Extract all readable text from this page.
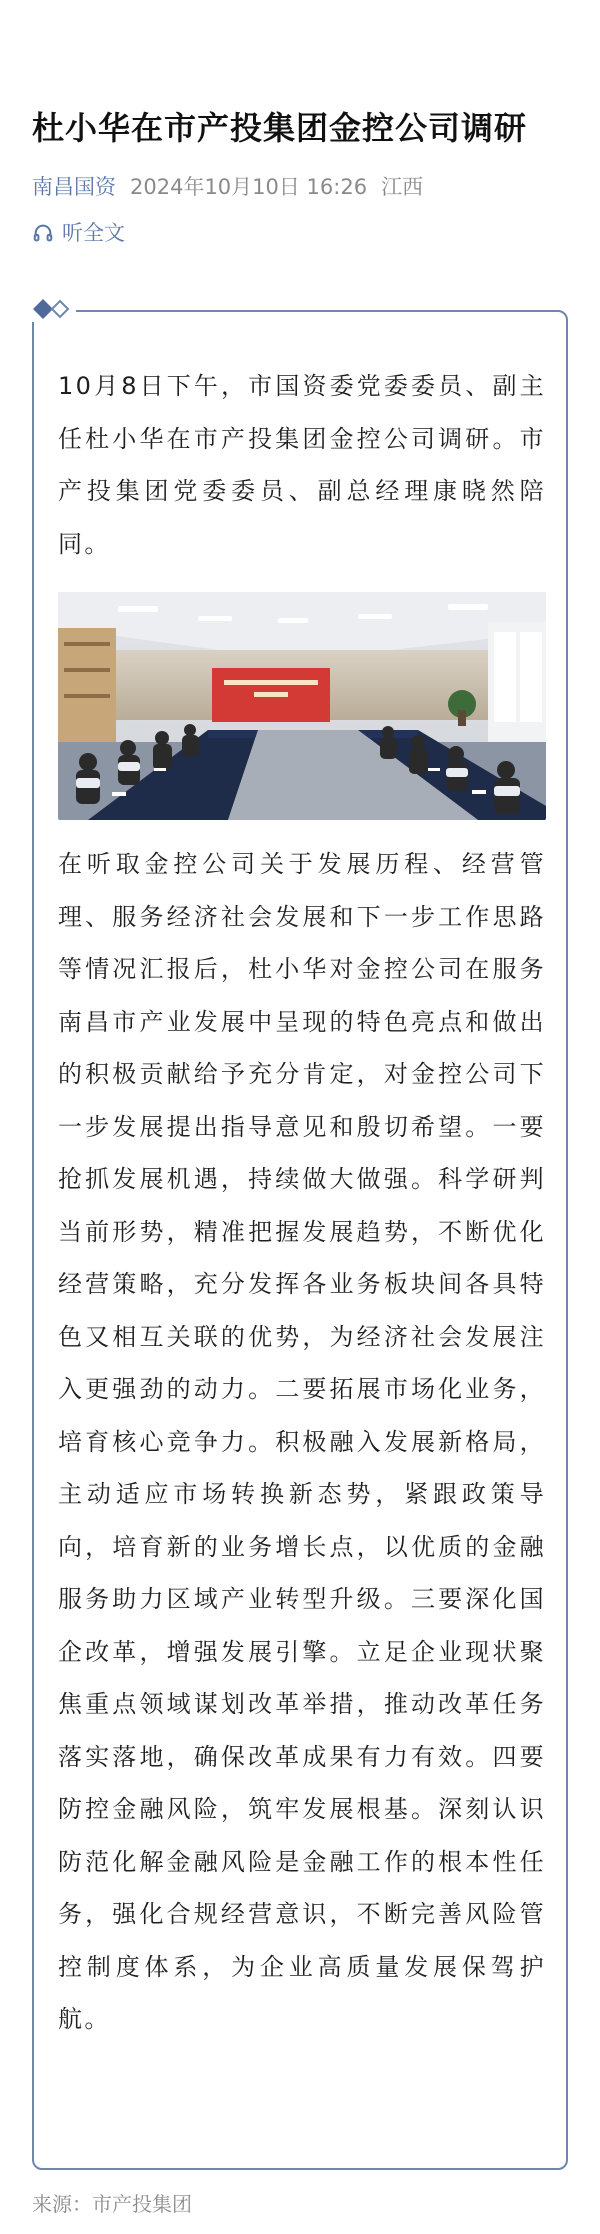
杜小华在市产投集团金控公司调研
南昌国资 2024年10月10日 16:26 江西
听全文
10月8日下午，市国资委党委委员、副主任杜小华在市产投集团金控公司调研。市产投集团党委委员、副总经理康晓然陪同。
在听取金控公司关于发展历程、经营管理、服务经济社会发展和下一步工作思路等情况汇报后，杜小华对金控公司在服务南昌市产业发展中呈现的特色亮点和做出的积极贡献给予充分肯定，对金控公司下一步发展提出指导意见和殷切希望。一要抢抓发展机遇，持续做大做强。科学研判当前形势，精准把握发展趋势，不断优化经营策略，充分发挥各业务板块间各具特色又相互关联的优势，为经济社会发展注入更强劲的动力。二要拓展市场化业务，培育核心竞争力。积极融入发展新格局，主动适应市场转换新态势，紧跟政策导向，培育新的业务增长点，以优质的金融服务助力区域产业转型升级。三要深化国企改革，增强发展引擎。立足企业现状聚焦重点领域谋划改革举措，推动改革任务落实落地，确保改革成果有力有效。四要防控金融风险，筑牢发展根基。深刻认识防范化解金融风险是金融工作的根本性任务，强化合规经营意识，不断完善风险管控制度体系，为企业高质量发展保驾护航。
来源：市产投集团
